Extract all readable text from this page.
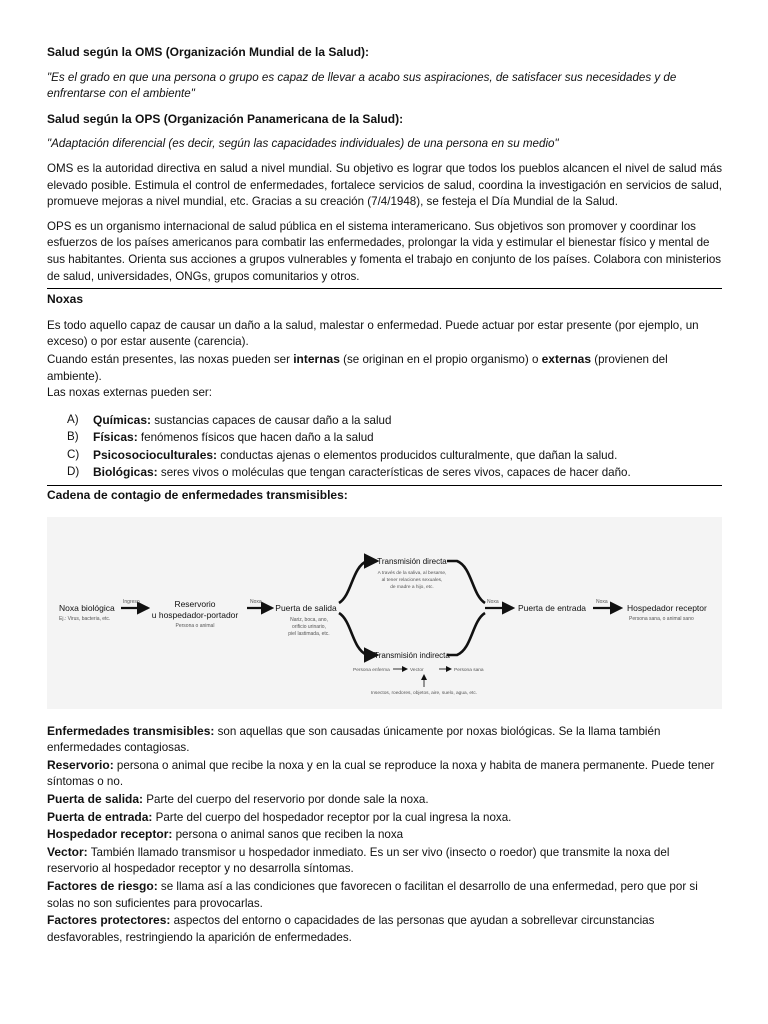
Salud según la OMS (Organización Mundial de la Salud):

"Es el grado en que una persona o grupo es capaz de llevar a acabo sus aspiraciones, de satisfacer sus necesidades y de enfrentarse con el ambiente"

Salud según la OPS (Organización Panamericana de la Salud):

"Adaptación diferencial (es decir, según las capacidades individuales) de una persona en su medio"

OMS es la autoridad directiva en salud a nivel mundial. Su objetivo es lograr que todos los pueblos alcancen el nivel de salud más elevado posible. Estimula el control de enfermedades, fortalece servicios de salud, coordina la investigación en servicios de salud, promueve mejoras a nivel mundial, etc. Gracias a su creación (7/4/1948), se festeja el Día Mundial de la Salud.

OPS es un organismo internacional de salud pública en el sistema interamericano. Sus objetivos son promover y coordinar los esfuerzos de los países americanos para combatir las enfermedades, prolongar la vida y estimular el bienestar físico y mental de sus habitantes. Orienta sus acciones a grupos vulnerables y fomenta el trabajo en conjunto de los países. Colabora con ministerios de salud, universidades, ONGs, grupos comunitarios y otros.

Noxas

Es todo aquello capaz de causar un daño a la salud, malestar o enfermedad. Puede actuar por estar presente (por ejemplo, un exceso) o por estar ausente (carencia).

Cuando están presentes, las noxas pueden ser internas (se originan en el propio organismo) o externas (provienen del ambiente).

Las noxas externas pueden ser:

A)	Químicas: sustancias capaces de causar daño a la salud
B)	Físicas: fenómenos físicos que hacen daño a la salud
C)	Psicosocioculturales: conductas ajenas o elementos producidos culturalmente, que dañan la salud.
D)	Biológicas: seres vivos o moléculas que tengan características de seres vivos, capaces de hacer daño.

Cadena de contagio de enfermedades transmisibles:

Noxa biológica
Ej.: Virus, bacteria, etc.
Ingreso	Reservorio
u hospedador-portador
Persona o animal
Noxa
Puerta de salida
Nariz, boca, ano,
orificio urinario,
piel lastimada, etc.
Transmisión directa
A través de la saliva, al besarse,
al tener relaciones sexuales,
de madre a hijo, etc.
Transmisión indirecta
Persona enferma	Vector	Persona sana
Insectos, roedores, objetos, aire, suelo, agua, etc.
Noxa
Puerta de entrada
Noxa
Hospedador receptor
Persona sana, o animal sano

Enfermedades transmisibles: son aquellas que son causadas únicamente por noxas biológicas. Se la llama también enfermedades contagiosas.

Reservorio: persona o animal que recibe la noxa y en la cual se reproduce la noxa y habita de manera permanente. Puede tener síntomas o no.

Puerta de salida: Parte del cuerpo del reservorio por donde sale la noxa.

Puerta de entrada: Parte del cuerpo del hospedador receptor por la cual ingresa la noxa.

Hospedador receptor: persona o animal sanos que reciben la noxa

Vector: También llamado transmisor u hospedador inmediato. Es un ser vivo (insecto o roedor) que transmite la noxa del reservorio al hospedador receptor y no desarrolla síntomas.

Factores de riesgo: se llama así a las condiciones que favorecen o facilitan el desarrollo de una enfermedad, pero que por si solas no son suficientes para provocarlas.

Factores protectores: aspectos del entorno o capacidades de las personas que ayudan a sobrellevar circunstancias desfavorables, restringiendo la aparición de enfermedades.
